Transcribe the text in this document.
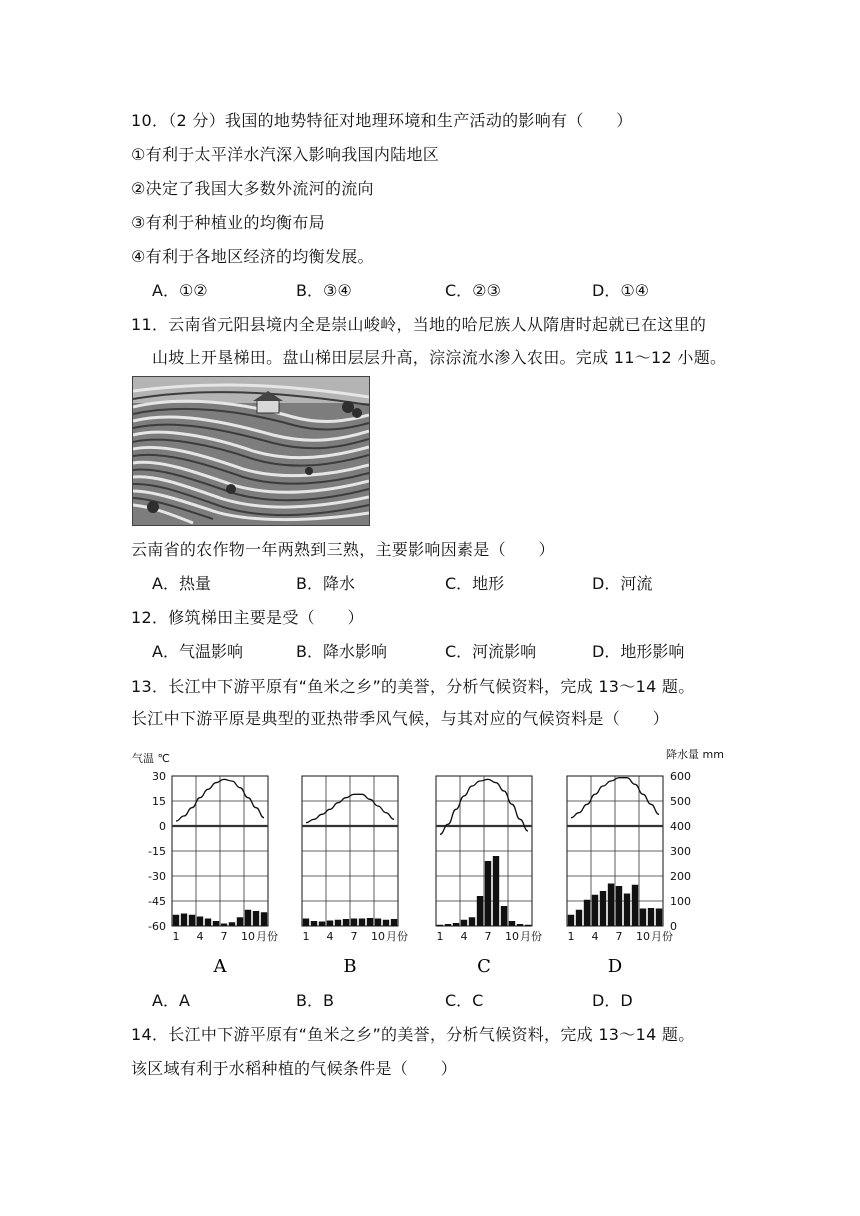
10．（2 分）我国的地势特征对地理环境和生产活动的影响有（　　）
①有利于太平洋水汽深入影响我国内陆地区
②决定了我国大多数外流河的流向
③有利于种植业的均衡布局
④有利于各地区经济的均衡发展。
A．①②	B．③④	C．②③	D．①④
11．云南省元阳县境内全是崇山峻岭，当地的哈尼族人从隋唐时起就已在这里的
山坡上开垦梯田。盘山梯田层层升高，淙淙流水渗入农田。完成 11～12 小题。
云南省的农作物一年两熟到三熟，主要影响因素是（　　）
A．热量	B．降水	C．地形	D．河流
12．修筑梯田主要是受（　　）
A．气温影响	B．降水影响	C．河流影响	D．地形影响
13．长江中下游平原有“鱼米之乡”的美誉，分析气候资料，完成 13～14 题。
长江中下游平原是典型的亚热带季风气候，与其对应的气候资料是（　　）
气温 ℃	降水量 mm
30
15
0
-15
-30
-45
-60
600
500
400
300
200
100
0
1 4 7 10 月份
A
1 4 7 10 月份
B
1 4 7 10 月份
C
1 4 7 10 月份
D
A．A	B．B	C．C	D．D
14．长江中下游平原有“鱼米之乡”的美誉，分析气候资料，完成 13～14 题。
该区域有利于水稻种植的气候条件是（　　）
